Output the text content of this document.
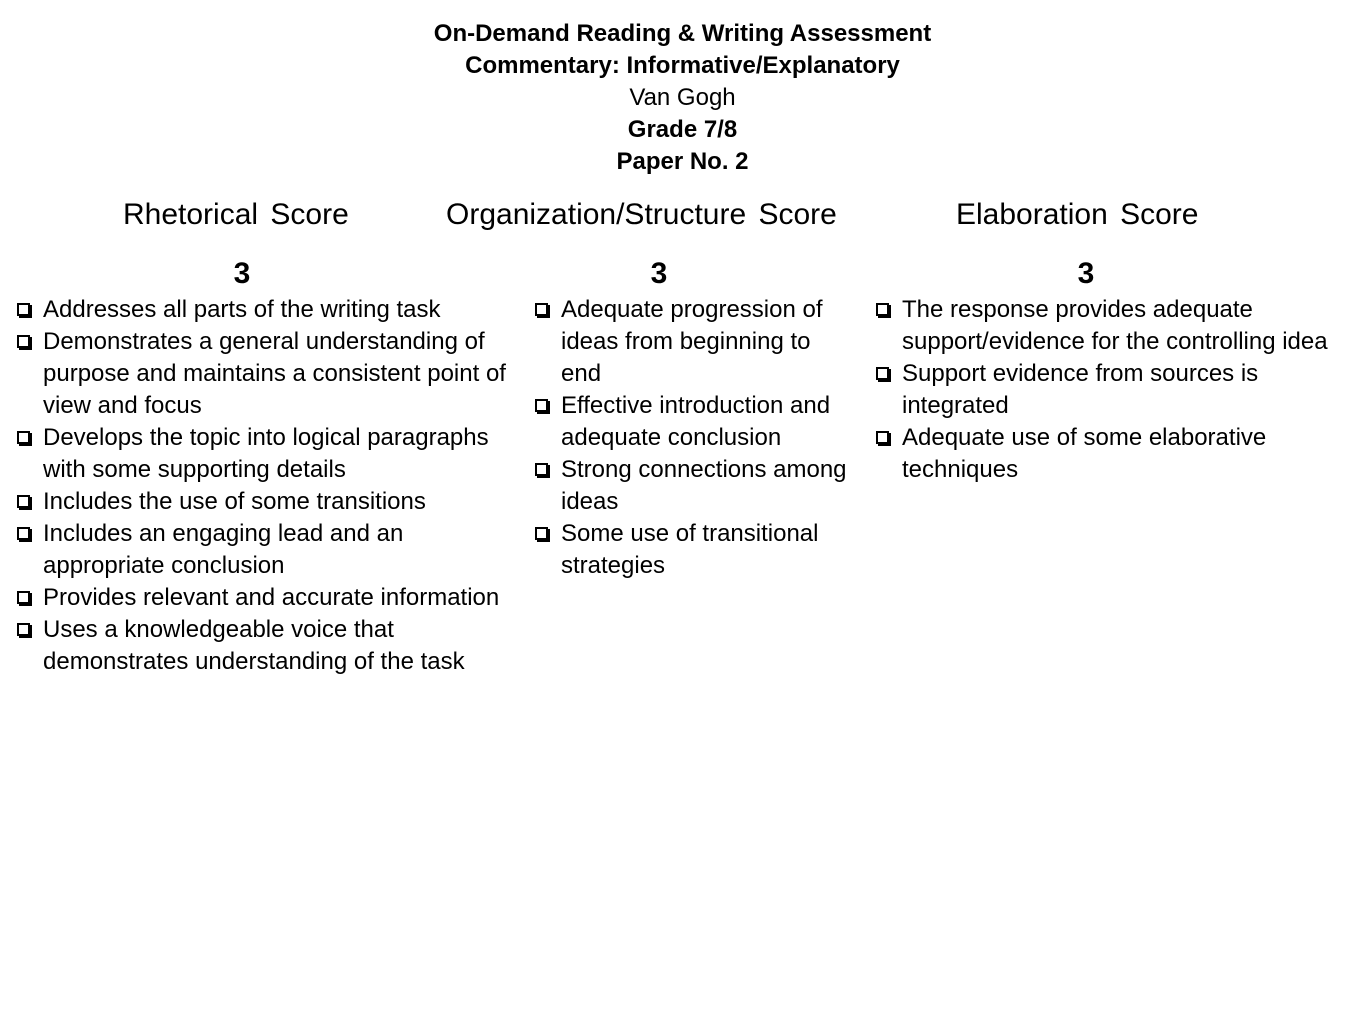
On-Demand Reading & Writing Assessment
Commentary: Informative/Explanatory
Van Gogh
Grade 7/8
Paper No. 2
Rhetorical Score	Organization/Structure Score	Elaboration Score
3
Addresses all parts of the writing task
Demonstrates a general understanding of purpose and maintains a consistent point of view and focus
Develops the topic into logical paragraphs with some supporting details
Includes the use of some transitions
Includes an engaging lead and an appropriate conclusion
Provides relevant and accurate information
Uses a knowledgeable voice that demonstrates understanding of the task
3
Adequate progression of ideas from beginning to end
Effective introduction and adequate conclusion
Strong connections among ideas
Some use of transitional strategies
3
The response provides adequate support/evidence for the controlling idea
Support evidence from sources is integrated
Adequate use of some elaborative techniques
